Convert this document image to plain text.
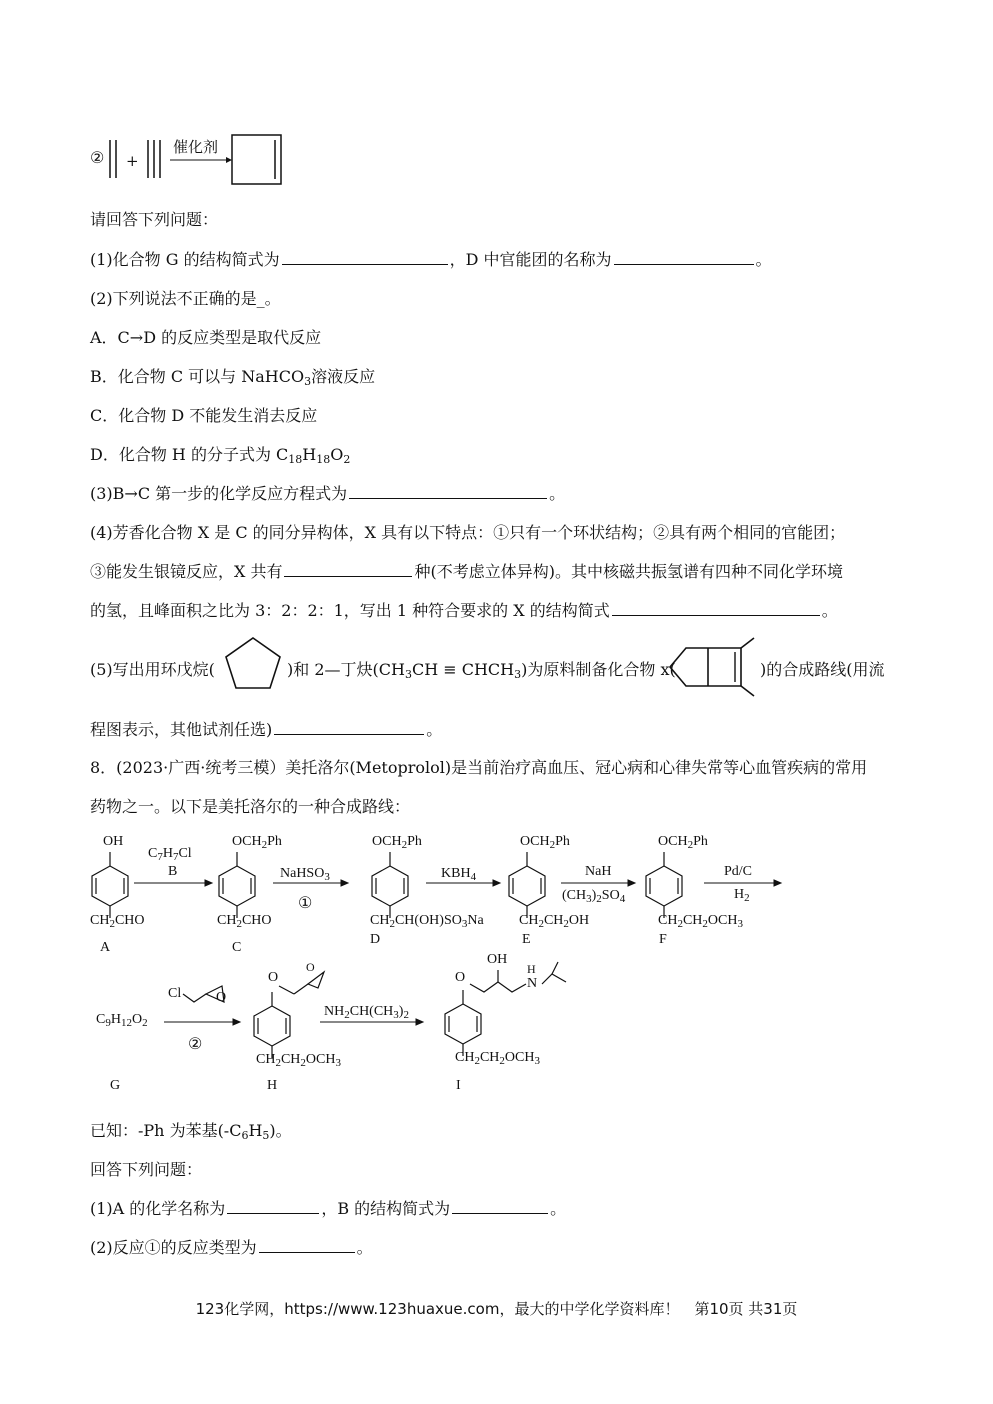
② +
催化剂
请回答下列问题：
(1)化合物 G 的结构简式为	，D 中官能团的名称为	。
(2)下列说法不正确的是_。
A．C→D 的反应类型是取代反应
B．化合物 C 可以与 NaHCO$_3$溶液反应
C．化合物 D 不能发生消去反应
D．化合物 H 的分子式为 $C_{18}H_{18}O_2$
(3)B→C 第一步的化学反应方程式为	。
(4)芳香化合物 X 是 C 的同分异构体，X 具有以下特点：①只有一个环状结构；②具有两个相同的官能团；
③能发生银镜反应，X 共有	种(不考虑立体异构)。其中核磁共振氢谱有四种不同化学环境
的氢，且峰面积之比为 3：2：2：1，写出 1 种符合要求的 X 的结构简式	。
(5)写出用环戊烷(	)和 2—丁炔($CH_3CH$ ≡ $CHCH_3$)为原料制备化合物 x(	)的合成路线(用流
程图表示，其他试剂任选)	。
8．(2023·广西·统考三模）美托洛尔(Metoprolol)是当前治疗高血压、冠心病和心律失常等心血管疾病的常用
药物之一。以下是美托洛尔的一种合成路线：
OH
$CH_2CHO$
A
$C_7H_7Cl$
B
$OCH_2Ph$
$CH_2CHO$
C
NaHSO$_3$
①
$OCH_2Ph$
$CH_2CH(OH)SO_3Na$
D
$KBH_4$
$OCH_2Ph$
$CH_2CH_2OH$
E
NaH
$(CH_3)_2SO_4$
$OCH_2Ph$
$CH_2CH_2OCH_3$
F
Pd/C
$H_2$
$C_9H_{12}O_2$
G
Cl O
②
O
O
$CH_2CH_2OCH_3$
H
$NH_2CH(CH_3)_2$
O
OH
H
N
$CH_2CH_2OCH_3$
I
已知：-Ph 为苯基$(-C_6H_5)$。
回答下列问题：
(1)A 的化学名称为	，B 的结构简式为	。
(2)反应①的反应类型为	。
123化学网，https://www.123huaxue.com，最大的中学化学资料库！　第10页 共31页
